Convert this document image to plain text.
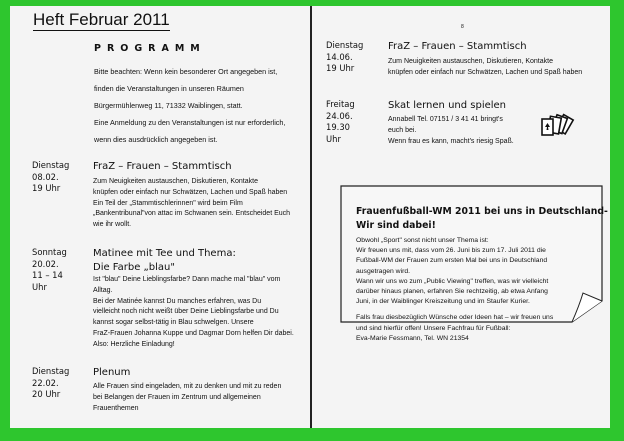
Heft Februar 2011
PROGRAMM
Bitte beachten: Wenn kein besonderer Ort angegeben ist,
finden die Veranstaltungen in unseren Räumen
Bürgermühlenweg 11, 71332 Waiblingen, statt.
Eine Anmeldung zu den Veranstaltungen ist nur erforderlich,
wenn dies ausdrücklich angegeben ist.
Dienstag
08.02.
19 Uhr
FraZ – Frauen – Stammtisch
Zum Neuigkeiten austauschen, Diskutieren, Kontakte
knüpfen oder einfach nur Schwätzen, Lachen und Spaß haben
Ein Teil der „Stammtischlerinnen" wird beim Film
„Bankentribunal"von attac im Schwanen sein. Entscheidet Euch
wie ihr wollt.
Sonntag
20.02.
11 – 14 Uhr
Matinee mit Tee und Thema:
Die Farbe „blau"
Ist "blau" Deine Lieblingsfarbe? Dann mache mal "blau" vom
Alltag.
Bei der Matinée kannst Du manches erfahren, was Du
vielleicht noch nicht weißt über Deine Lieblingsfarbe und Du
kannst sogar selbst-tätig in Blau schwelgen. Unsere
FraZ-Frauen Johanna Kuppe und Dagmar Dorn helfen Dir dabei.
Also: Herzliche Einladung!
Dienstag
22.02.
20 Uhr
Plenum
Alle Frauen sind eingeladen, mit zu denken und mit zu reden
bei Belangen der Frauen im Zentrum und allgemeinen
Frauenthemen
8
Dienstag
14.06.
19 Uhr
FraZ – Frauen – Stammtisch
Zum Neuigkeiten austauschen, Diskutieren, Kontakte
knüpfen oder einfach nur Schwätzen, Lachen und Spaß haben
Freitag
24.06.
19.30 Uhr
Skat lernen und spielen
Annabell Tel. 07151 / 3 41 41 bringt's
euch bei.
Wenn frau es kann, macht's riesig Spaß.
Frauenfußball-WM 2011 bei uns in Deutschland-
Wir sind dabei!
Obwohl „Sport" sonst nicht unser Thema ist:
Wir freuen uns mit, dass vom 26. Juni bis zum 17. Juli 2011 die
Fußball-WM der Frauen zum ersten Mal bei uns in Deutschland
ausgetragen wird.
Wann wir uns wo zum „Public Viewing" treffen, was wir vielleicht
darüber hinaus planen, erfahren Sie rechtzeitig, ab etwa Anfang
Juni, in der Waiblinger Kreiszeitung und im Staufer Kurier.
Falls frau diesbezüglich Wünsche oder Ideen hat – wir freuen uns
und sind hierfür offen! Unsere Fachfrau für Fußball:
Eva-Marie Fessmann, Tel. WN 21354
